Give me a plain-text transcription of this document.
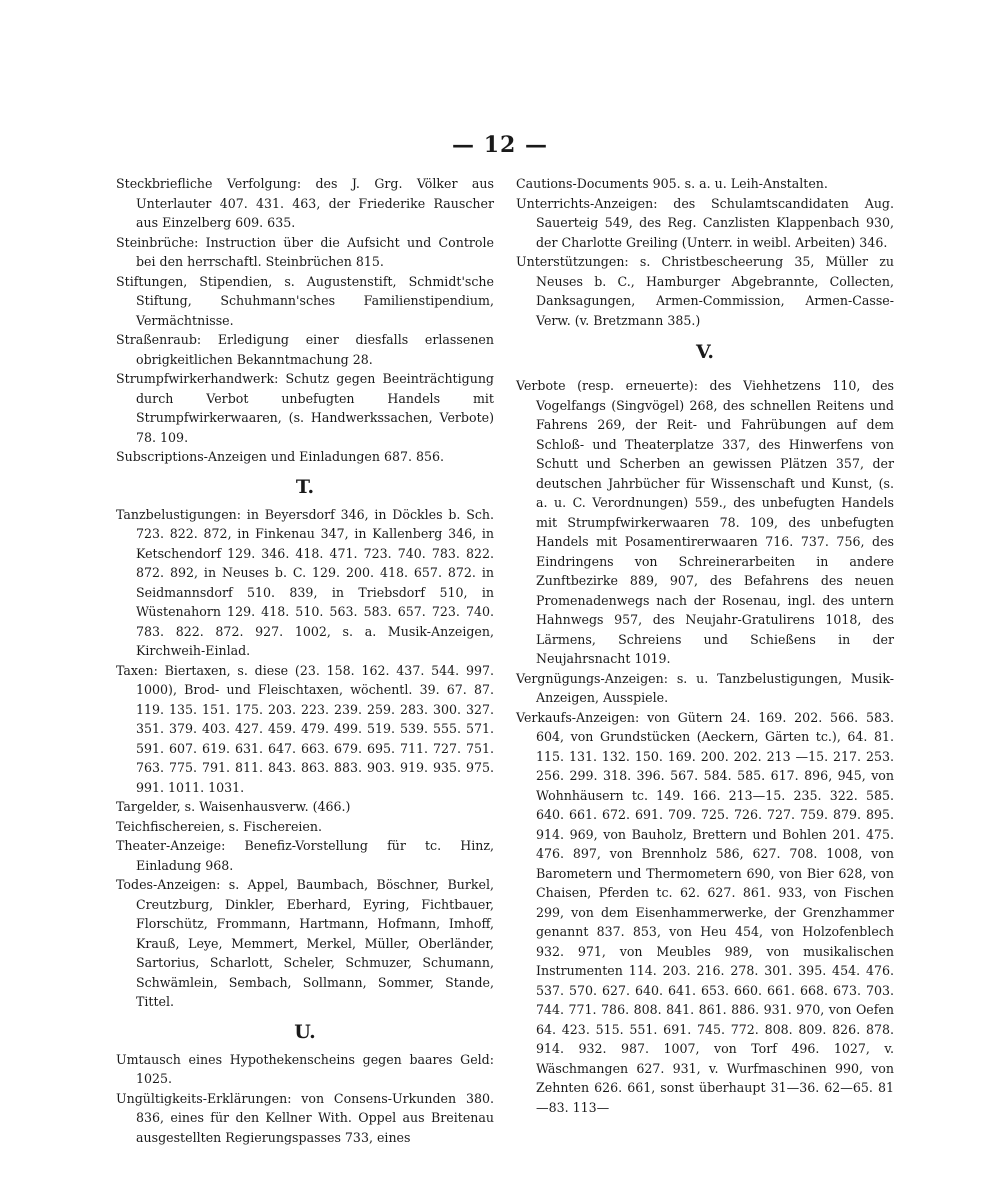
— 12 —

Steckbriefliche Verfolgung: des J. Grg. Völker aus Unterlauter 407. 431. 463, der Friederike Rauscher aus Einzelberg 609. 635.

Steinbrüche: Instruction über die Aufsicht und Controle bei den herrschaftl. Steinbrüchen 815.

Stiftungen, Stipendien, s. Augustenstift, Schmidt'sche Stiftung, Schuhmann'sches Familienstipendium, Vermächtnisse.

Straßenraub: Erledigung einer diesfalls erlassenen obrigkeitlichen Bekanntmachung 28.

Strumpfwirkerhandwerk: Schutz gegen Beeinträchtigung durch Verbot unbefugten Handels mit Strumpfwirkerwaaren, (s. Handwerkssachen, Verbote) 78. 109.

Subscriptions-Anzeigen und Einladungen 687. 856.

T.

Tanzbelustigungen: in Beyersdorf 346, in Döckles b. Sch. 723. 822. 872, in Finkenau 347, in Kallenberg 346, in Ketschendorf 129. 346. 418. 471. 723. 740. 783. 822. 872. 892, in Neuses b. C. 129. 200. 418. 657. 872. in Seidmannsdorf 510. 839, in Triebsdorf 510, in Wüstenahorn 129. 418. 510. 563. 583. 657. 723. 740. 783. 822. 872. 927. 1002, s. a. Musik-Anzeigen, Kirchweih-Einlad.

Taxen: Biertaxen, s. diese (23. 158. 162. 437. 544. 997. 1000), Brod- und Fleischtaxen, wöchentl. 39. 67. 87. 119. 135. 151. 175. 203. 223. 239. 259. 283. 300. 327. 351. 379. 403. 427. 459. 479. 499. 519. 539. 555. 571. 591. 607. 619. 631. 647. 663. 679. 695. 711. 727. 751. 763. 775. 791. 811. 843. 863. 883. 903. 919. 935. 975. 991. 1011. 1031.

Targelder, s. Waisenhausverw. (466.)

Teichfischereien, s. Fischereien.

Theater-Anzeige: Benefiz-Vorstellung für tc. Hinz, Einladung 968.

Todes-Anzeigen: s. Appel, Baumbach, Böschner, Burkel, Creutzburg, Dinkler, Eberhard, Eyring, Fichtbauer, Florschütz, Frommann, Hartmann, Hofmann, Imhoff, Krauß, Leye, Memmert, Merkel, Müller, Oberländer, Sartorius, Scharlott, Scheler, Schmuzer, Schumann, Schwämlein, Sembach, Sollmann, Sommer, Stande, Tittel.

U.

Umtausch eines Hypothekenscheins gegen baares Geld: 1025.

Ungültigkeits-Erklärungen: von Consens-Urkunden 380. 836, eines für den Kellner With. Oppel aus Breitenau ausgestellten Regierungspasses 733, eines

Cautions-Documents 905. s. a. u. Leih-Anstalten.

Unterrichts-Anzeigen: des Schulamtscandidaten Aug. Sauerteig 549, des Reg. Canzlisten Klappenbach 930, der Charlotte Greiling (Unterr. in weibl. Arbeiten) 346.

Unterstützungen: s. Christbescheerung 35, Müller zu Neuses b. C., Hamburger Abgebrannte, Collecten, Danksagungen, Armen-Commission, Armen-Casse-Verw. (v. Bretzmann 385.)

V.

Verbote (resp. erneuerte): des Viehhetzens 110, des Vogelfangs (Singvögel) 268, des schnellen Reitens und Fahrens 269, der Reit- und Fahrübungen auf dem Schloß- und Theaterplatze 337, des Hinwerfens von Schutt und Scherben an gewissen Plätzen 357, der deutschen Jahrbücher für Wissenschaft und Kunst, (s. a. u. C. Verordnungen) 559., des unbefugten Handels mit Strumpfwirkerwaaren 78. 109, des unbefugten Handels mit Posamentirerwaaren 716. 737. 756, des Eindringens von Schreinerarbeiten in andere Zunftbezirke 889, 907, des Befahrens des neuen Promenadenwegs nach der Rosenau, ingl. des untern Hahnwegs 957, des Neujahr-Gratulirens 1018, des Lärmens, Schreiens und Schießens in der Neujahrsnacht 1019.

Vergnügungs-Anzeigen: s. u. Tanzbelustigungen, Musik-Anzeigen, Ausspiele.

Verkaufs-Anzeigen: von Gütern 24. 169. 202. 566. 583. 604, von Grundstücken (Aeckern, Gärten tc.), 64. 81. 115. 131. 132. 150. 169. 200. 202. 213 —15. 217. 253. 256. 299. 318. 396. 567. 584. 585. 617. 896, 945, von Wohnhäusern tc. 149. 166. 213—15. 235. 322. 585. 640. 661. 672. 691. 709. 725. 726. 727. 759. 879. 895. 914. 969, von Bauholz, Brettern und Bohlen 201. 475. 476. 897, von Brennholz 586, 627. 708. 1008, von Barometern und Thermometern 690, von Bier 628, von Chaisen, Pferden tc. 62. 627. 861. 933, von Fischen 299, von dem Eisenhammerwerke, der Grenzhammer genannt 837. 853, von Heu 454, von Holzofenblech 932. 971, von Meubles 989, von musikalischen Instrumenten 114. 203. 216. 278. 301. 395. 454. 476. 537. 570. 627. 640. 641. 653. 660. 661. 668. 673. 703. 744. 771. 786. 808. 841. 861. 886. 931. 970, von Oefen 64. 423. 515. 551. 691. 745. 772. 808. 809. 826. 878. 914. 932. 987. 1007, von Torf 496. 1027, v. Wäschmangen 627. 931, v. Wurfmaschinen 990, von Zehnten 626. 661, sonst überhaupt 31—36. 62—65. 81—83. 113—
